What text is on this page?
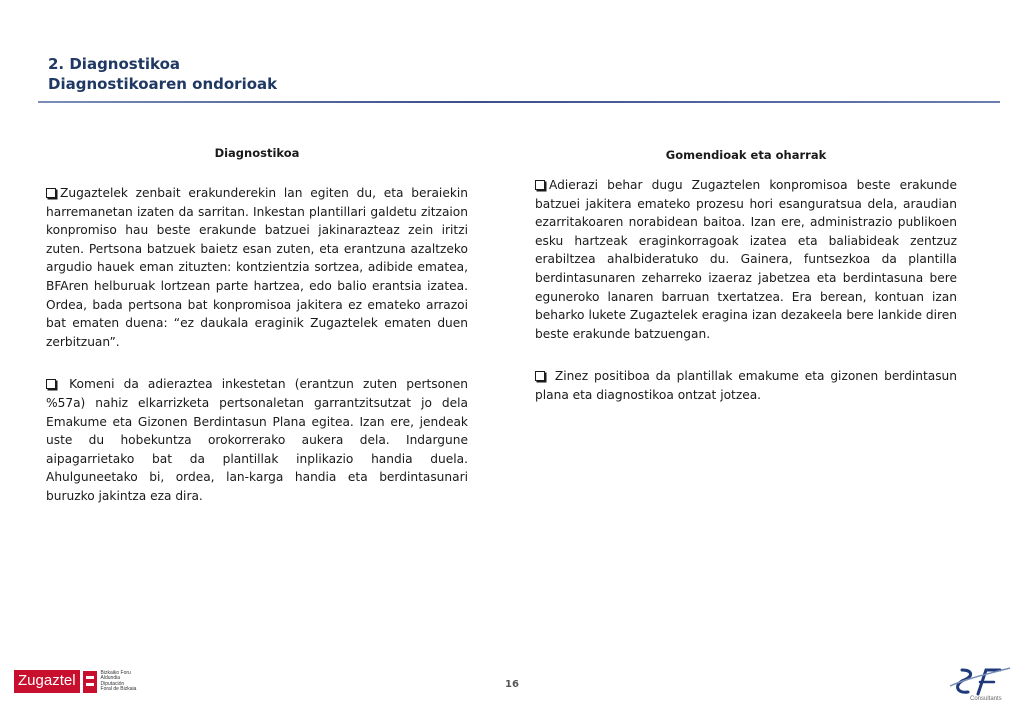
2. Diagnostikoa

Diagnostikoaren ondorioak

Diagnostikoa

Zugaztelek zenbait erakunderekin lan egiten du, eta beraiekin harremanetan izaten da sarritan. Inkestan plantillari galdetu zitzaion konpromiso hau beste erakunde batzuei jakinarazteaz zein iritzi zuten. Pertsona batzuek baietz esan zuten, eta erantzuna azaltzeko argudio hauek eman zituzten: kontzientzia sortzea, adibide ematea, BFAren helburuak lortzean parte hartzea, edo balio erantsia izatea. Ordea, bada pertsona bat konpromisoa jakitera ez emateko arrazoi bat ematen duena: “ez daukala eraginik Zugaztelek ematen duen zerbitzuan”.

Komeni da adieraztea inkestetan (erantzun zuten pertsonen %57a) nahiz elkarrizketa pertsonaletan garrantzitsutzat jo dela Emakume eta Gizonen Berdintasun Plana egitea. Izan ere, jendeak uste du hobekuntza orokorrerako aukera dela. Indargune aipagarrietako bat da plantillak inplikazio handia duela. Ahulguneetako bi, ordea, lan-karga handia eta berdintasunari buruzko jakintza eza dira.

Gomendioak eta oharrak

Adierazi behar dugu Zugaztelen konpromisoa beste erakunde batzuei jakitera emateko prozesu hori esanguratsua dela, araudian ezarritakoaren norabidean baitoa. Izan ere, administrazio publikoen esku hartzeak eraginkorragoak izatea eta baliabideak zentzuz erabiltzea ahalbideratuko du. Gainera, funtsezkoa da plantilla berdintasunaren zeharreko izaeraz jabetzea eta berdintasuna bere eguneroko lanaren barruan txertatzea. Era berean, kontuan izan beharko lukete Zugaztelek eragina izan dezakeela bere lankide diren beste erakunde batzuengan.

Zinez positiboa da plantillak emakume eta gizonen berdintasun plana eta diagnostikoa ontzat jotzea.

Zugaztel	Bizkaiko Foru
Aldundia
Diputación
Foral de Bizkaia	16
Consultants
